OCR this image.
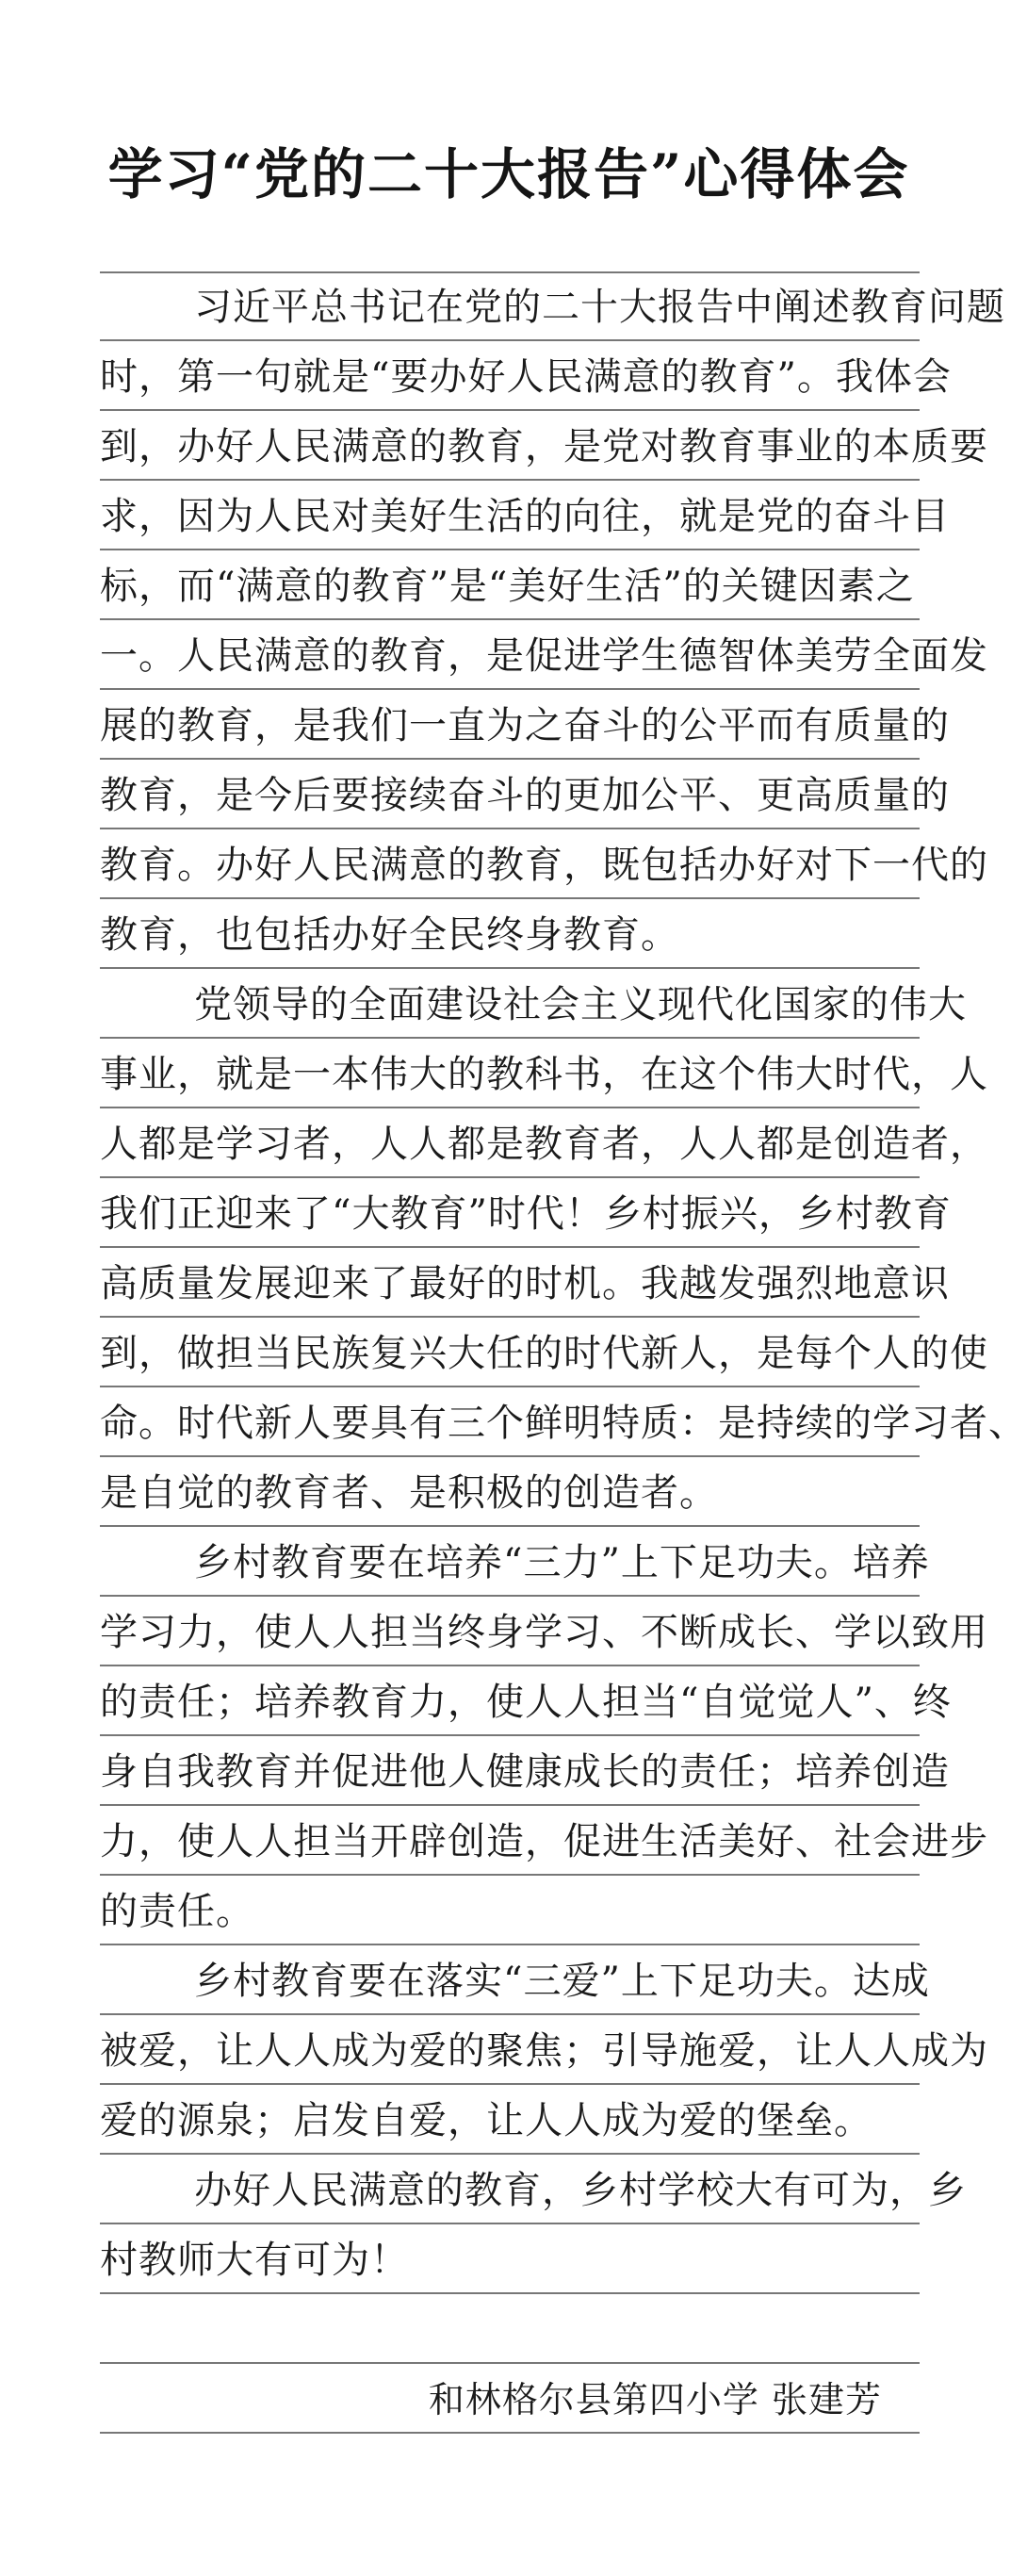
学习“党的二十大报告”心得体会
习近平总书记在党的二十大报告中阐述教育问题
时，第一句就是“要办好人民满意的教育”。我体会
到，办好人民满意的教育，是党对教育事业的本质要
求，因为人民对美好生活的向往，就是党的奋斗目
标，而“满意的教育”是“美好生活”的关键因素之
一。人民满意的教育，是促进学生德智体美劳全面发
展的教育，是我们一直为之奋斗的公平而有质量的
教育，是今后要接续奋斗的更加公平、更高质量的
教育。办好人民满意的教育，既包括办好对下一代的
教育，也包括办好全民终身教育。
党领导的全面建设社会主义现代化国家的伟大
事业，就是一本伟大的教科书，在这个伟大时代，人
人都是学习者，人人都是教育者，人人都是创造者，
我们正迎来了“大教育”时代！乡村振兴，乡村教育
高质量发展迎来了最好的时机。我越发强烈地意识
到，做担当民族复兴大任的时代新人，是每个人的使
命。时代新人要具有三个鲜明特质：是持续的学习者、
是自觉的教育者、是积极的创造者。
乡村教育要在培养“三力”上下足功夫。培养
学习力，使人人担当终身学习、不断成长、学以致用
的责任；培养教育力，使人人担当“自觉觉人”、终
身自我教育并促进他人健康成长的责任；培养创造
力，使人人担当开辟创造，促进生活美好、社会进步
的责任。
乡村教育要在落实“三爱”上下足功夫。达成
被爱，让人人成为爱的聚焦；引导施爱，让人人成为
爱的源泉；启发自爱，让人人成为爱的堡垒。
办好人民满意的教育，乡村学校大有可为，乡
村教师大有可为！
和林格尔县第四小学 张建芳
